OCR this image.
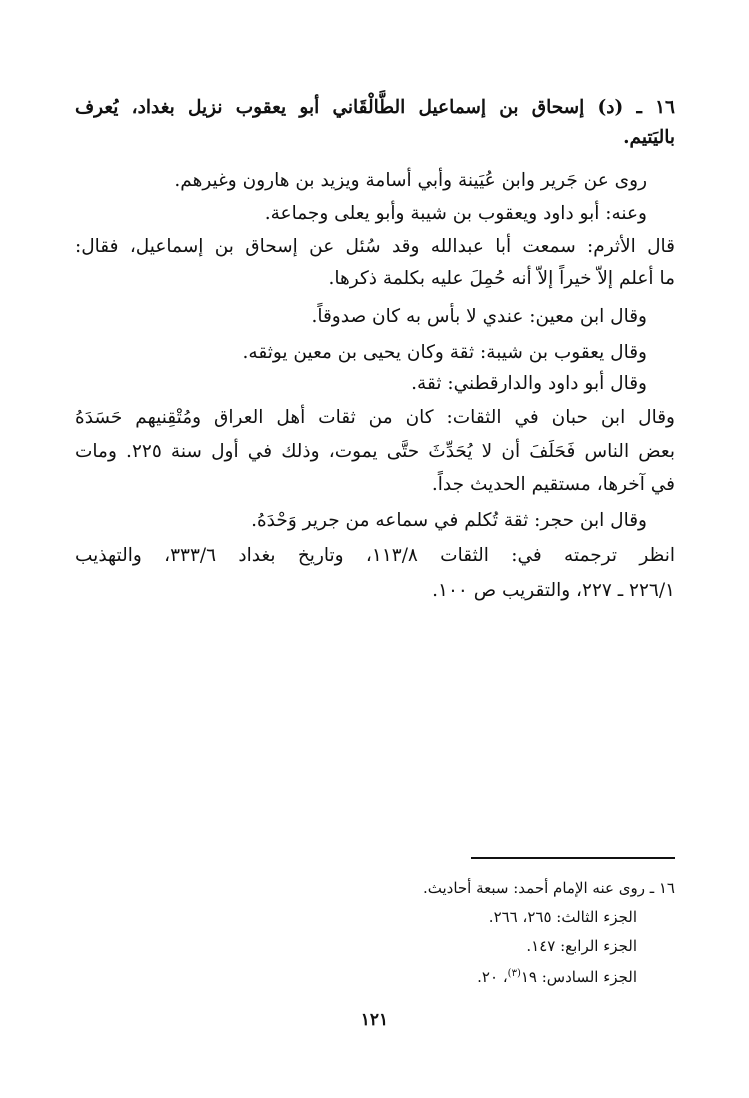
١٦ ـ (د) إسحاق بن إسماعيل الطَّالْقَاني أبو يعقوب نزيل بغداد، يُعرف

باليَتيم.

روى عن جَرير وابن عُيَينة وأبي أسامة ويزيد بن هارون وغيرهم.

وعنه: أبو داود ويعقوب بن شيبة وأبو يعلى وجماعة.

قال الأثرم: سمعت أبا عبدالله وقد سُئل عن إسحاق بن إسماعيل، فقال:

ما أعلم إلاّ خيراً إلاّ أنه حُمِلَ عليه بكلمة ذكرها.

وقال ابن معين: عندي لا بأس به كان صدوقاً.

وقال يعقوب بن شيبة: ثقة وكان يحيى بن معين يوثقه.

وقال أبو داود والدارقطني: ثقة.

وقال ابن حبان في الثقات: كان من ثقات أهل العراق ومُتْقِنيهم حَسَدَهُ

بعض الناس فَحَلَفَ أن لا يُحَدِّثَ حتَّى يموت، وذلك في أول سنة ٢٢٥. ومات

في آخرها، مستقيم الحديث جداً.

وقال ابن حجر: ثقة تُكلم في سماعه من جرير وَحْدَهُ.

انظر ترجمته في: الثقات ١١٣/٨، وتاريخ بغداد ٣٣٣/٦، والتهذيب

٢٢٦/١ ـ ٢٢٧، والتقريب ص ١٠٠.

١٦ ـ روى عنه الإمام أحمد: سبعة أحاديث.

الجزء الثالث: ٢٦٥، ٢٦٦.

الجزء الرابع: ١٤٧.

الجزء السادس: ١٩$^{(٣)}$، ٢٠.

١٢١
